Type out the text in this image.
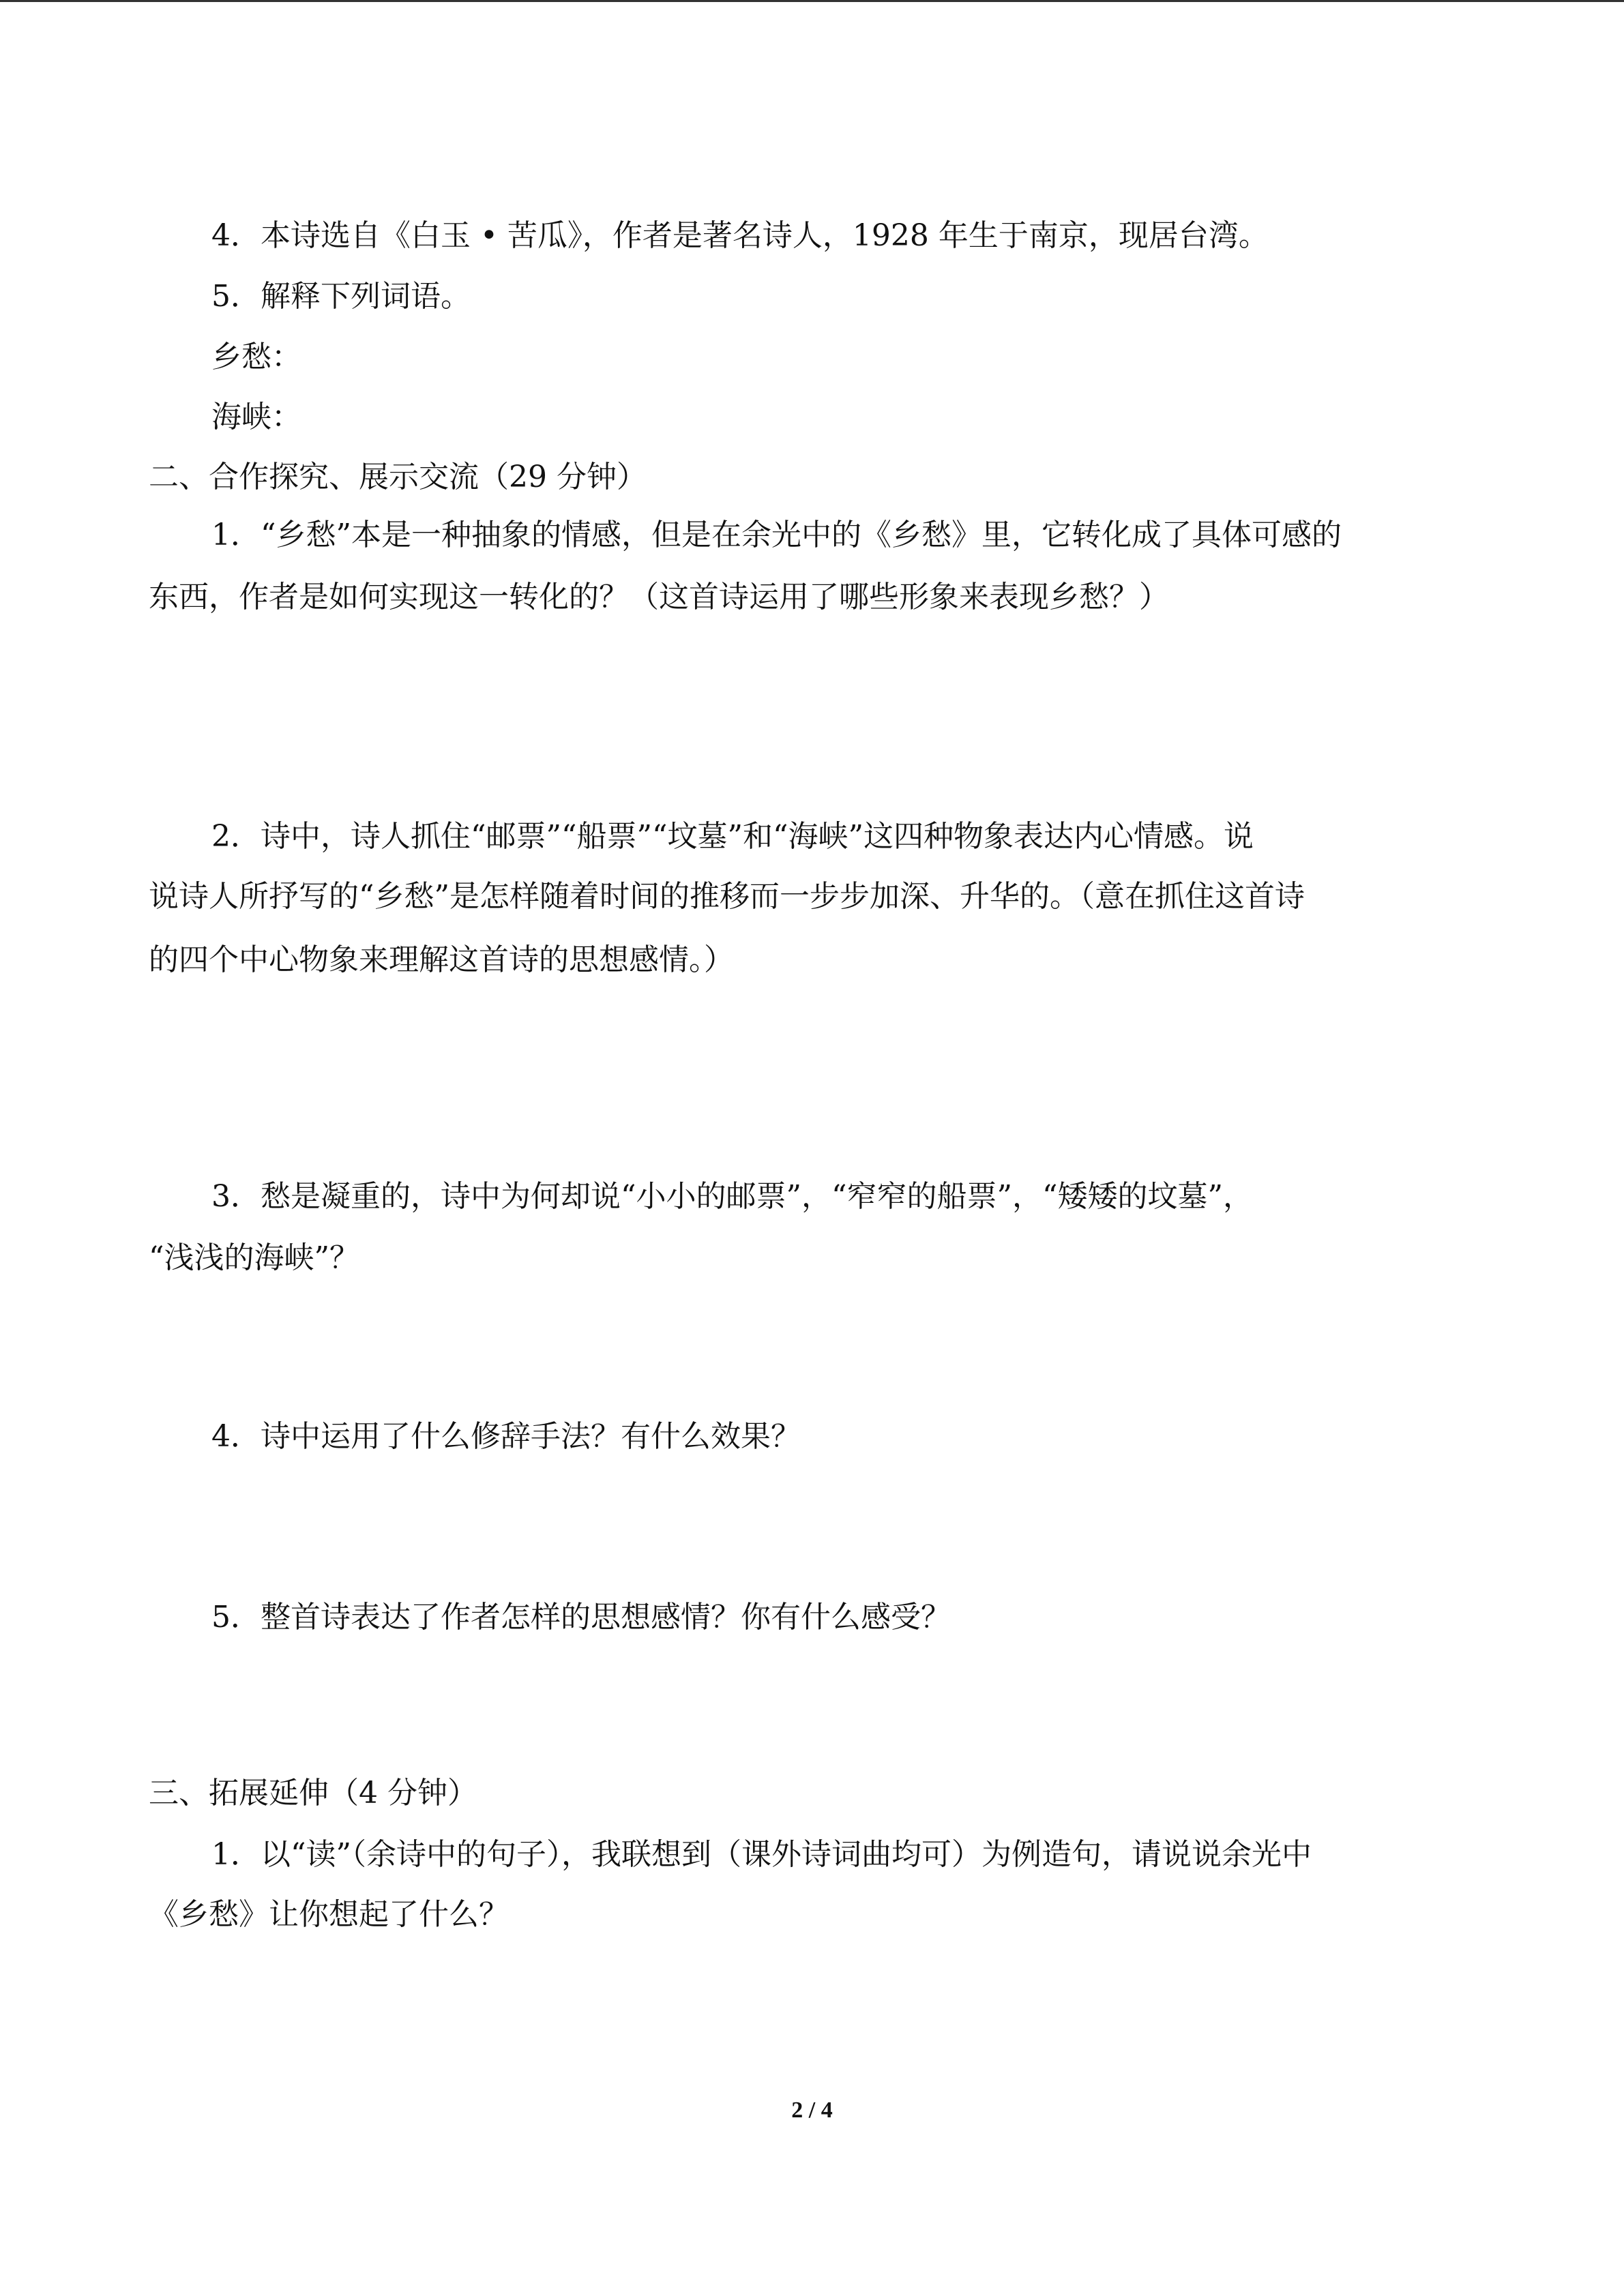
4．本诗选自《白玉 • 苦瓜》，作者是著名诗人，1928 年生于南京，现居台湾。
5．解释下列词语。
乡愁：
海峡：
二、合作探究、展示交流（29 分钟）
1．“乡愁”本是一种抽象的情感，但是在余光中的《乡愁》里，它转化成了具体可感的
东西，作者是如何实现这一转化的？（这首诗运用了哪些形象来表现乡愁？）
2．诗中，诗人抓住“邮票”“船票”“坟墓”和“海峡”这四种物象表达内心情感。说
说诗人所抒写的“乡愁”是怎样随着时间的推移而一步步加深、升华的。（意在抓住这首诗
的四个中心物象来理解这首诗的思想感情。）
3．愁是凝重的，诗中为何却说“小小的邮票”，“窄窄的船票”，“矮矮的坟墓”，
“浅浅的海峡”？
4．诗中运用了什么修辞手法？有什么效果？
5．整首诗表达了作者怎样的思想感情？你有什么感受？
三、拓展延伸（4 分钟）
1．以“读”（余诗中的句子），我联想到（课外诗词曲均可）为例造句，请说说余光中
《乡愁》让你想起了什么？
2 / 4
